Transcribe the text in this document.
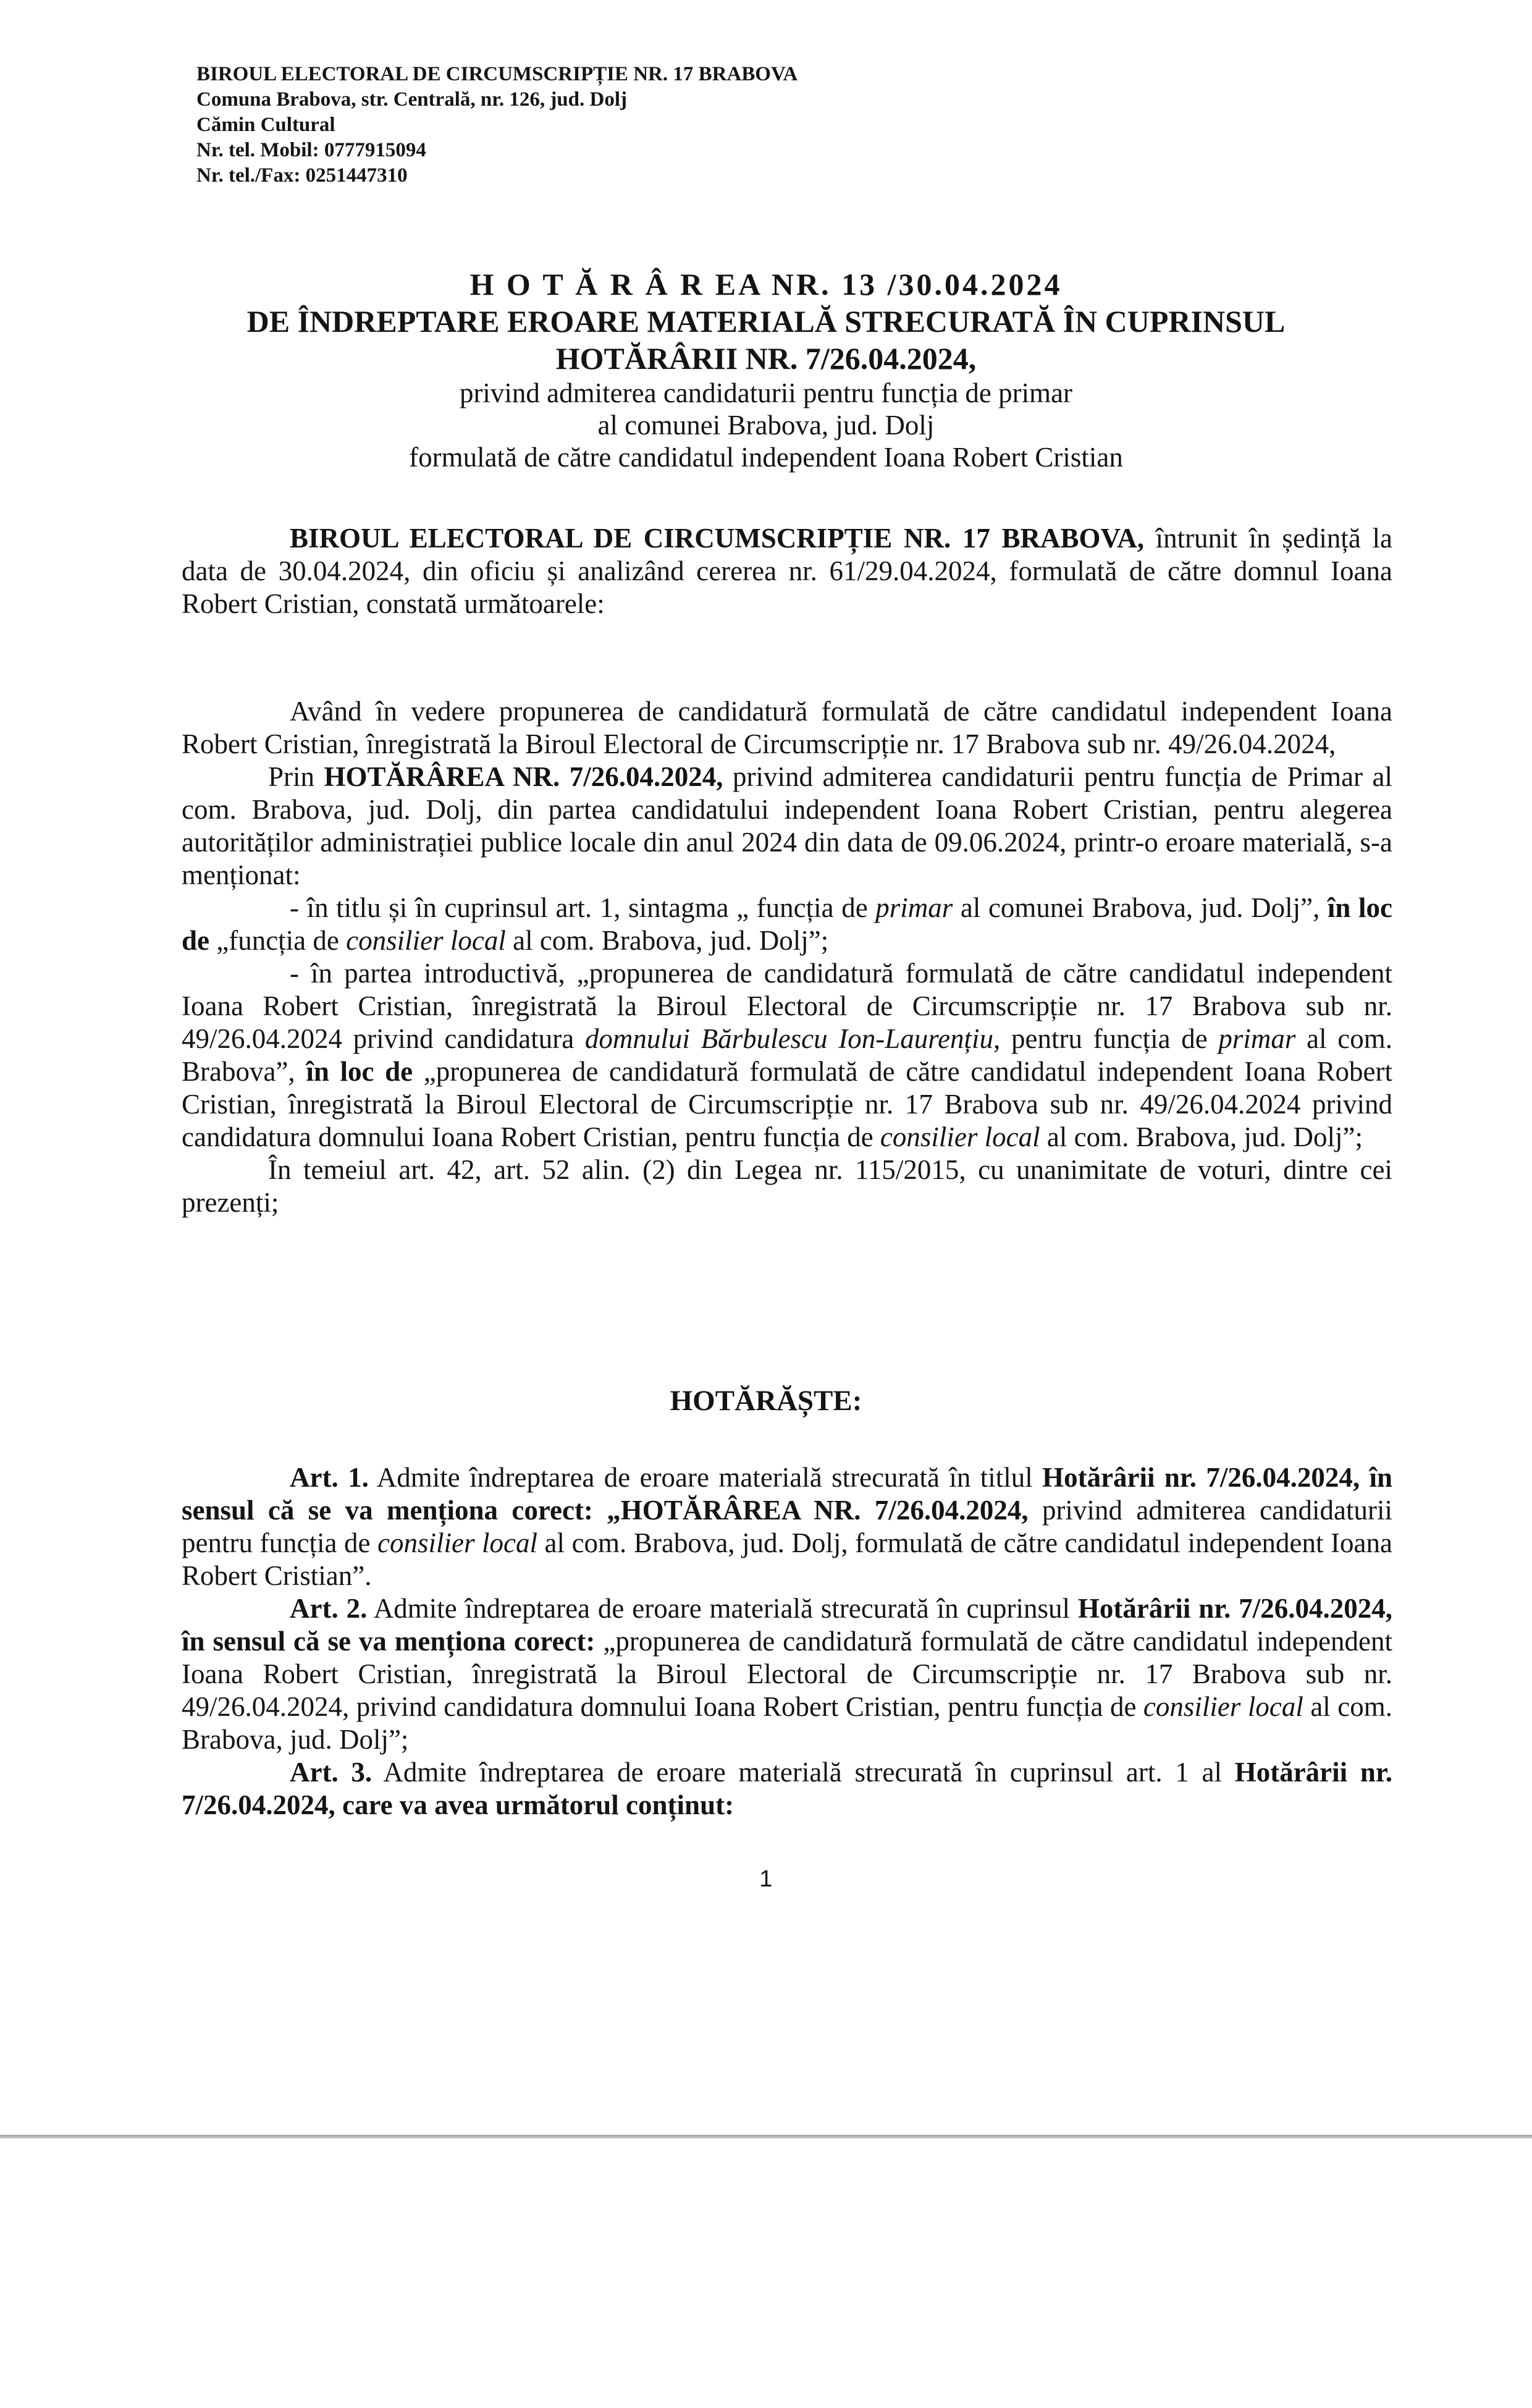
BIROUL ELECTORAL DE CIRCUMSCRIPȚIE NR. 17 BRABOVA
Comuna Brabova, str. Centrală, nr. 126, jud. Dolj
Cămin Cultural
Nr. tel. Mobil: 0777915094
Nr. tel./Fax: 0251447310
H O T Ă R Â R EA NR. 13 /30.04.2024
DE ÎNDREPTARE EROARE MATERIALĂ STRECURATĂ ÎN CUPRINSUL
HOTĂRÂRII NR. 7/26.04.2024,
privind admiterea candidaturii pentru funcția de primar
al comunei Brabova, jud. Dolj
formulată de către candidatul independent Ioana Robert Cristian

BIROUL ELECTORAL DE CIRCUMSCRIPȚIE NR. 17 BRABOVA, întrunit în ședință la data de 30.04.2024, din oficiu și analizând cererea nr. 61/29.04.2024, formulată de către domnul Ioana Robert Cristian, constată următoarele:

Având în vedere propunerea de candidatură formulată de către candidatul independent Ioana Robert Cristian, înregistrată la Biroul Electoral de Circumscripție nr. 17 Brabova sub nr. 49/26.04.2024,

Prin HOTĂRÂREA NR. 7/26.04.2024, privind admiterea candidaturii pentru funcția de Primar al com. Brabova, jud. Dolj, din partea candidatului independent Ioana Robert Cristian, pentru alegerea autorităților administrației publice locale din anul 2024 din data de 09.06.2024, printr-o eroare materială, s-a menționat:

- în titlu și în cuprinsul art. 1, sintagma „ funcția de primar al comunei Brabova, jud. Dolj”, în loc de „funcția de consilier local al com. Brabova, jud. Dolj”;

- în partea introductivă, „propunerea de candidatură formulată de către candidatul independent Ioana Robert Cristian, înregistrată la Biroul Electoral de Circumscripție nr. 17 Brabova sub nr. 49/26.04.2024 privind candidatura domnului Bărbulescu Ion-Laurențiu, pentru funcția de primar al com. Brabova”, în loc de „propunerea de candidatură formulată de către candidatul independent Ioana Robert Cristian, înregistrată la Biroul Electoral de Circumscripție nr. 17 Brabova sub nr. 49/26.04.2024 privind candidatura domnului Ioana Robert Cristian, pentru funcția de consilier local al com. Brabova, jud. Dolj”;

În temeiul art. 42, art. 52 alin. (2) din Legea nr. 115/2015, cu unanimitate de voturi, dintre cei prezenți;

HOTĂRĂȘTE:

Art. 1. Admite îndreptarea de eroare materială strecurată în titlul Hotărârii nr. 7/26.04.2024, în sensul că se va menționa corect: „HOTĂRÂREA NR. 7/26.04.2024, privind admiterea candidaturii pentru funcția de consilier local al com. Brabova, jud. Dolj, formulată de către candidatul independent Ioana Robert Cristian”.

Art. 2. Admite îndreptarea de eroare materială strecurată în cuprinsul Hotărârii nr. 7/26.04.2024, în sensul că se va menționa corect: „propunerea de candidatură formulată de către candidatul independent Ioana Robert Cristian, înregistrată la Biroul Electoral de Circumscripție nr. 17 Brabova sub nr. 49/26.04.2024, privind candidatura domnului Ioana Robert Cristian, pentru funcția de consilier local al com. Brabova, jud. Dolj”;

Art. 3. Admite îndreptarea de eroare materială strecurată în cuprinsul art. 1 al Hotărârii nr. 7/26.04.2024, care va avea următorul conținut:

1
